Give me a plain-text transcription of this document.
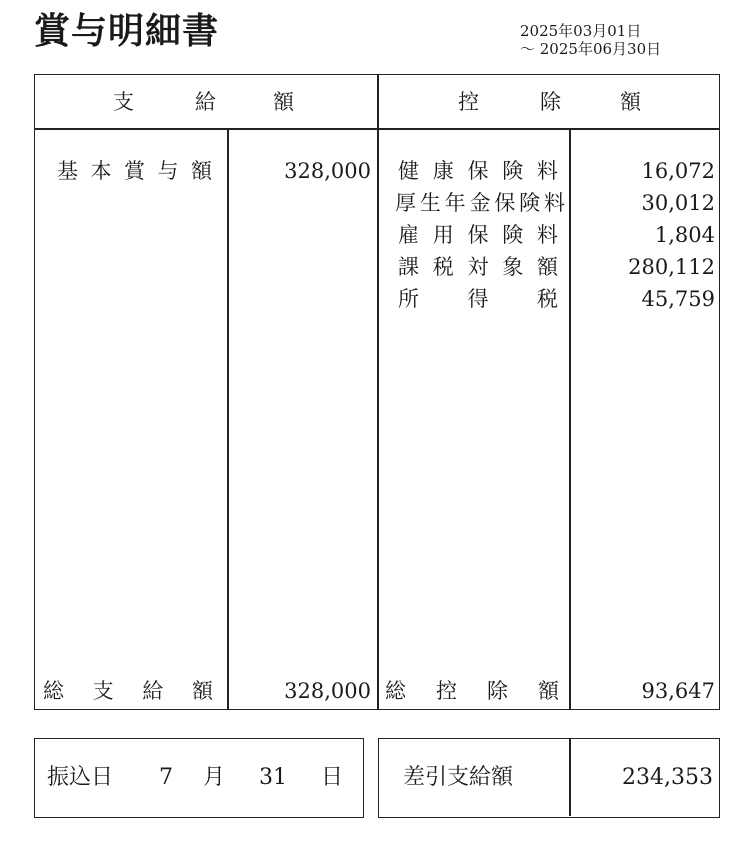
賞与明細書	2025年03月01日
～ 2025年06月30日
支	給	額	控	除	額
基本賞与額	328,000 健康保険料	16,072
厚生年金保険料	30,012
雇用保険料	1,804
課税対象額	280,112
所得税	45,759
総支給額	328,000 総控除額	93,647
振込日 7 月 31 日	差引支給額	234,353
